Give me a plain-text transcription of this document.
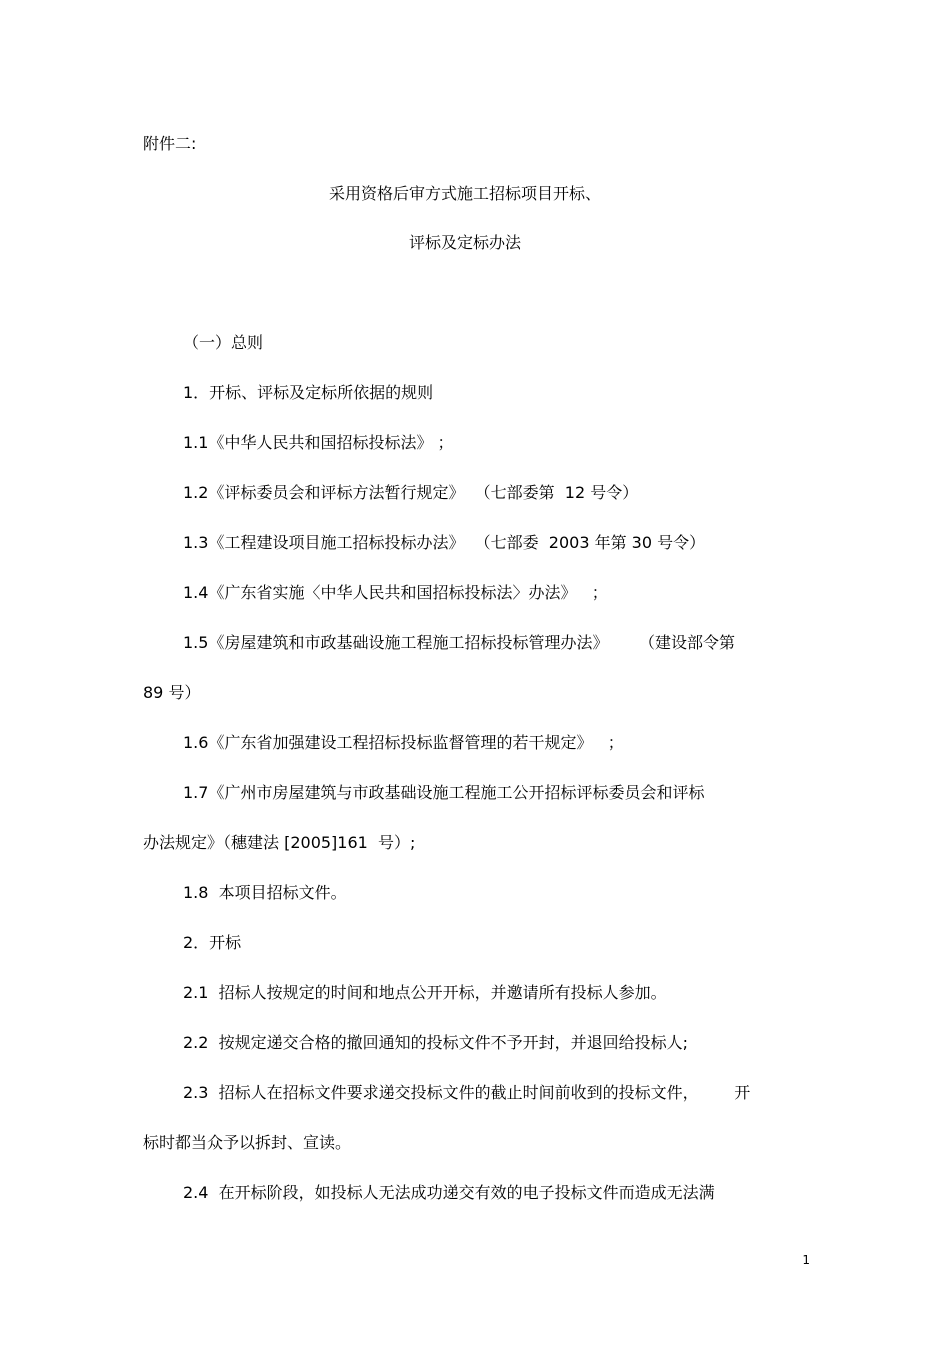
附件二:

采用资格后审方式施工招标项目开标、

评标及定标办法

（一）总则

1．开标、评标及定标所依据的规则

1.1《中华人民共和国招标投标法》 ；

1.2《评标委员会和评标方法暂行规定》  （七部委第  12 号令）

1.3《工程建设项目施工招标投标办法》  （七部委  2003 年第 30 号令）

1.4《广东省实施〈中华人民共和国招标投标法〉办法》   ；

1.5《房屋建筑和市政基础设施工程施工招标投标管理办法》      （建设部令第

89 号）

1.6《广东省加强建设工程招标投标监督管理的若干规定》   ；

1.7《广州市房屋建筑与市政基础设施工程施工公开招标评标委员会和评标

办法规定》（穗建法 [2005]161  号）;

1.8  本项目招标文件。

2．开标

2.1  招标人按规定的时间和地点公开开标，并邀请所有投标人参加。

2.2  按规定递交合格的撤回通知的投标文件不予开封，并退回给投标人;

2.3  招标人在招标文件要求递交投标文件的截止时间前收到的投标文件，       开

标时都当众予以拆封、宣读。

2.4  在开标阶段，如投标人无法成功递交有效的电子投标文件而造成无法满

1
